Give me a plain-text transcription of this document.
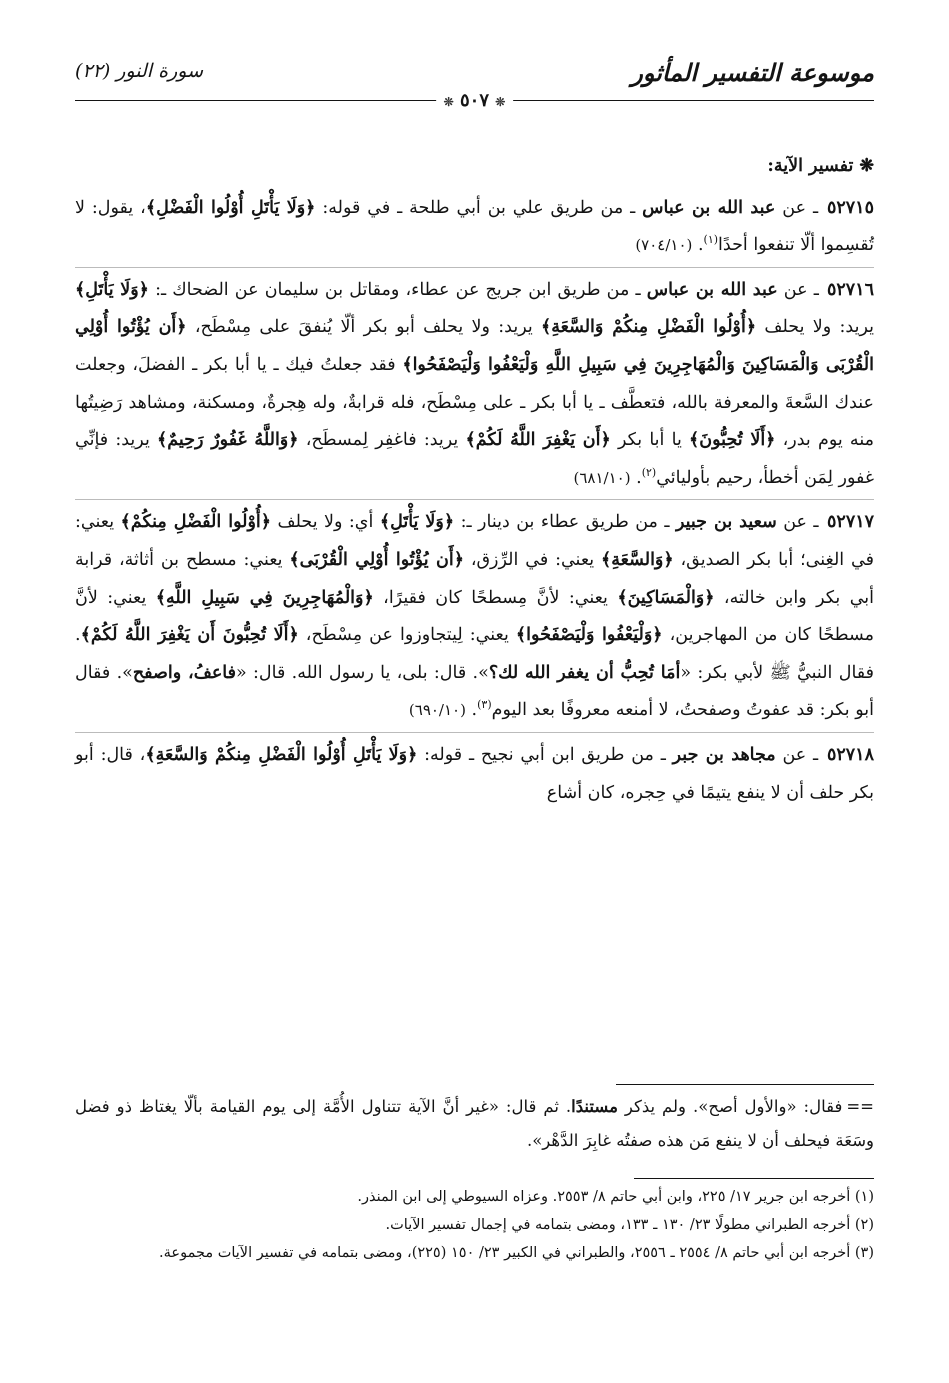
موسوعة التفسير المأثور
سورة النور (٢٢)
❊ ٥٠٧ ❊

❋تفسير الآية:

٥٢٧١٥ ـ عن عبد الله بن عباس ـ من طريق علي بن أبي طلحة ـ في قوله: ﴿وَلَا يَأْتَلِ أُوْلُوا الْفَضْلِ﴾، يقول: لا تُقسِموا ألّا تنفعوا أحدًا$^{(١)}$. (٧٠٤/١٠)

٥٢٧١٦ ـ عن عبد الله بن عباس ـ من طريق ابن جريج عن عطاء، ومقاتل بن سليمان عن الضحاك ـ: ﴿وَلَا يَأْتَلِ﴾ يريد: ولا يحلف ﴿أُوْلُوا الْفَضْلِ مِنكُمْ وَالسَّعَةِ﴾ يريد: ولا يحلف أبو بكر ألّا يُنفقَ على مِسْطَح، ﴿أَن يُؤْتُوا أُوْلِي الْقُرْبَى وَالْمَسَاكِينَ وَالْمُهَاجِرِينَ فِي سَبِيلِ اللَّهِ وَلْيَعْفُوا وَلْيَصْفَحُوا﴾ فقد جعلتُ فيك ـ يا أبا بكر ـ الفضلَ، وجعلت عندك السَّعةَ والمعرفة بالله، فتعطَّف ـ يا أبا بكر ـ على مِسْطَح، فله قرابةٌ، وله هِجرةٌ، ومسكنة، ومشاهد رَضِيتُها منه يوم بدر، ﴿أَلَا تُحِبُّونَ﴾ يا أبا بكر ﴿أَن يَغْفِرَ اللَّهُ لَكُمْ﴾ يريد: فاغفِر لِمسطَح، ﴿وَاللَّهُ غَفُورٌ رَحِيمٌ﴾ يريد: فإنِّي غفور لِمَن أخطأ، رحيم بأوليائي$^{(٢)}$. (٦٨١/١٠)

٥٢٧١٧ ـ عن سعيد بن جبير ـ من طريق عطاء بن دينار ـ: ﴿وَلَا يَأْتَلِ﴾ أي: ولا يحلف ﴿أُوْلُوا الْفَضْلِ مِنكُمْ﴾ يعني: في الغِنى؛ أبا بكر الصديق، ﴿وَالسَّعَةِ﴾ يعني: في الرِّزق، ﴿أَن يُؤْتُوا أُوْلِي الْقُرْبَى﴾ يعني: مسطح بن أثاثة، قرابة أبي بكر وابن خالته، ﴿وَالْمَسَاكِينَ﴾ يعني: لأنَّ مِسطحًا كان فقيرًا، ﴿وَالْمُهَاجِرِينَ فِي سَبِيلِ اللَّهِ﴾ يعني: لأنَّ مسطحًا كان من المهاجرين، ﴿وَلْيَعْفُوا وَلْيَصْفَحُوا﴾ يعني: لِيتجاوزوا عن مِسْطَح، ﴿أَلَا تُحِبُّونَ أَن يَغْفِرَ اللَّهُ لَكُمْ﴾. فقال النبيُّ ﷺ لأبي بكر: «أمَا تُحِبُّ أن يغفر الله لك؟». قال: بلى، يا رسول الله. قال: «فاعفُ، واصفح». فقال أبو بكر: قد عفوتُ وصفحتُ، لا أمنعه معروفًا بعد اليوم$^{(٣)}$. (٦٩٠/١٠)

٥٢٧١٨ ـ عن مجاهد بن جبر ـ من طريق ابن أبي نجيح ـ قوله: ﴿وَلَا يَأْتَلِ أُوْلُوا الْفَضْلِ مِنكُمْ وَالسَّعَةِ﴾، قال: أبو بكر حلف أن لا ينفع يتيمًا في حِجره، كان أشاع

==فقال: «والأول أصح». ولم يذكر مستندًا. ثم قال: «غير أنَّ الآية تتناول الأُمَّة إلى يوم القيامة بألّا يغتاظ ذو فضل وسَعَة فيحلف أن لا ينفع مَن هذه صفتُه غابِرَ الدَّهْر».

(١) أخرجه ابن جرير ١٧/ ٢٢٥، وابن أبي حاتم ٨/ ٢٥٥٣. وعزاه السيوطي إلى ابن المنذر.

(٢) أخرجه الطبراني مطولًا ٢٣/ ١٣٠ ـ ١٣٣، ومضى بتمامه في إجمال تفسير الآيات.

(٣) أخرجه ابن أبي حاتم ٨/ ٢٥٥٤ ـ ٢٥٥٦، والطبراني في الكبير ٢٣/ ١٥٠ (٢٢٥)، ومضى بتمامه في تفسير الآيات مجموعة.
